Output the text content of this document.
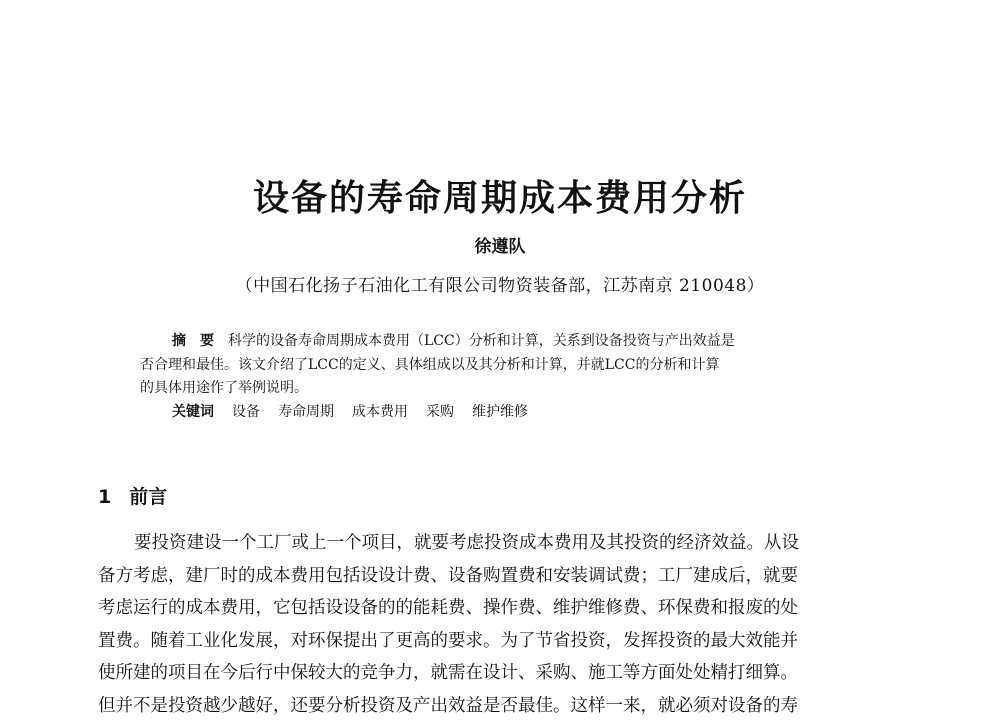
设备的寿命周期成本费用分析
徐遵队
（中国石化扬子石油化工有限公司物资装备部，江苏南京 210048）
摘　要　 科学的设备寿命周期成本费用（LCC）分析和计算，关系到设备投资与产出效益是
否合理和最佳。该文介绍了LCC的定义、具体组成以及其分析和计算，并就LCC的分析和计算
的具体用途作了举例说明。
关键词 设备 寿命周期 成本费用 采购 维护维修
1 前言
要投资建设一个工厂或上一个项目，就要考虑投资成本费用及其投资的经济效益。从设
备方考虑，建厂时的成本费用包括设设计费、设备购置费和安装调试费；工厂建成后，就要
考虑运行的成本费用，它包括设设备的的能耗费、操作费、维护维修费、环保费和报废的处
置费。随着工业化发展，对环保提出了更高的要求。为了节省投资，发挥投资的最大效能并
使所建的项目在今后行中保较大的竞争力，就需在设计、采购、施工等方面处处精打细算。
但并不是投资越少越好，还要分析投资及产出效益是否最佳。这样一来，就必须对设备的寿
